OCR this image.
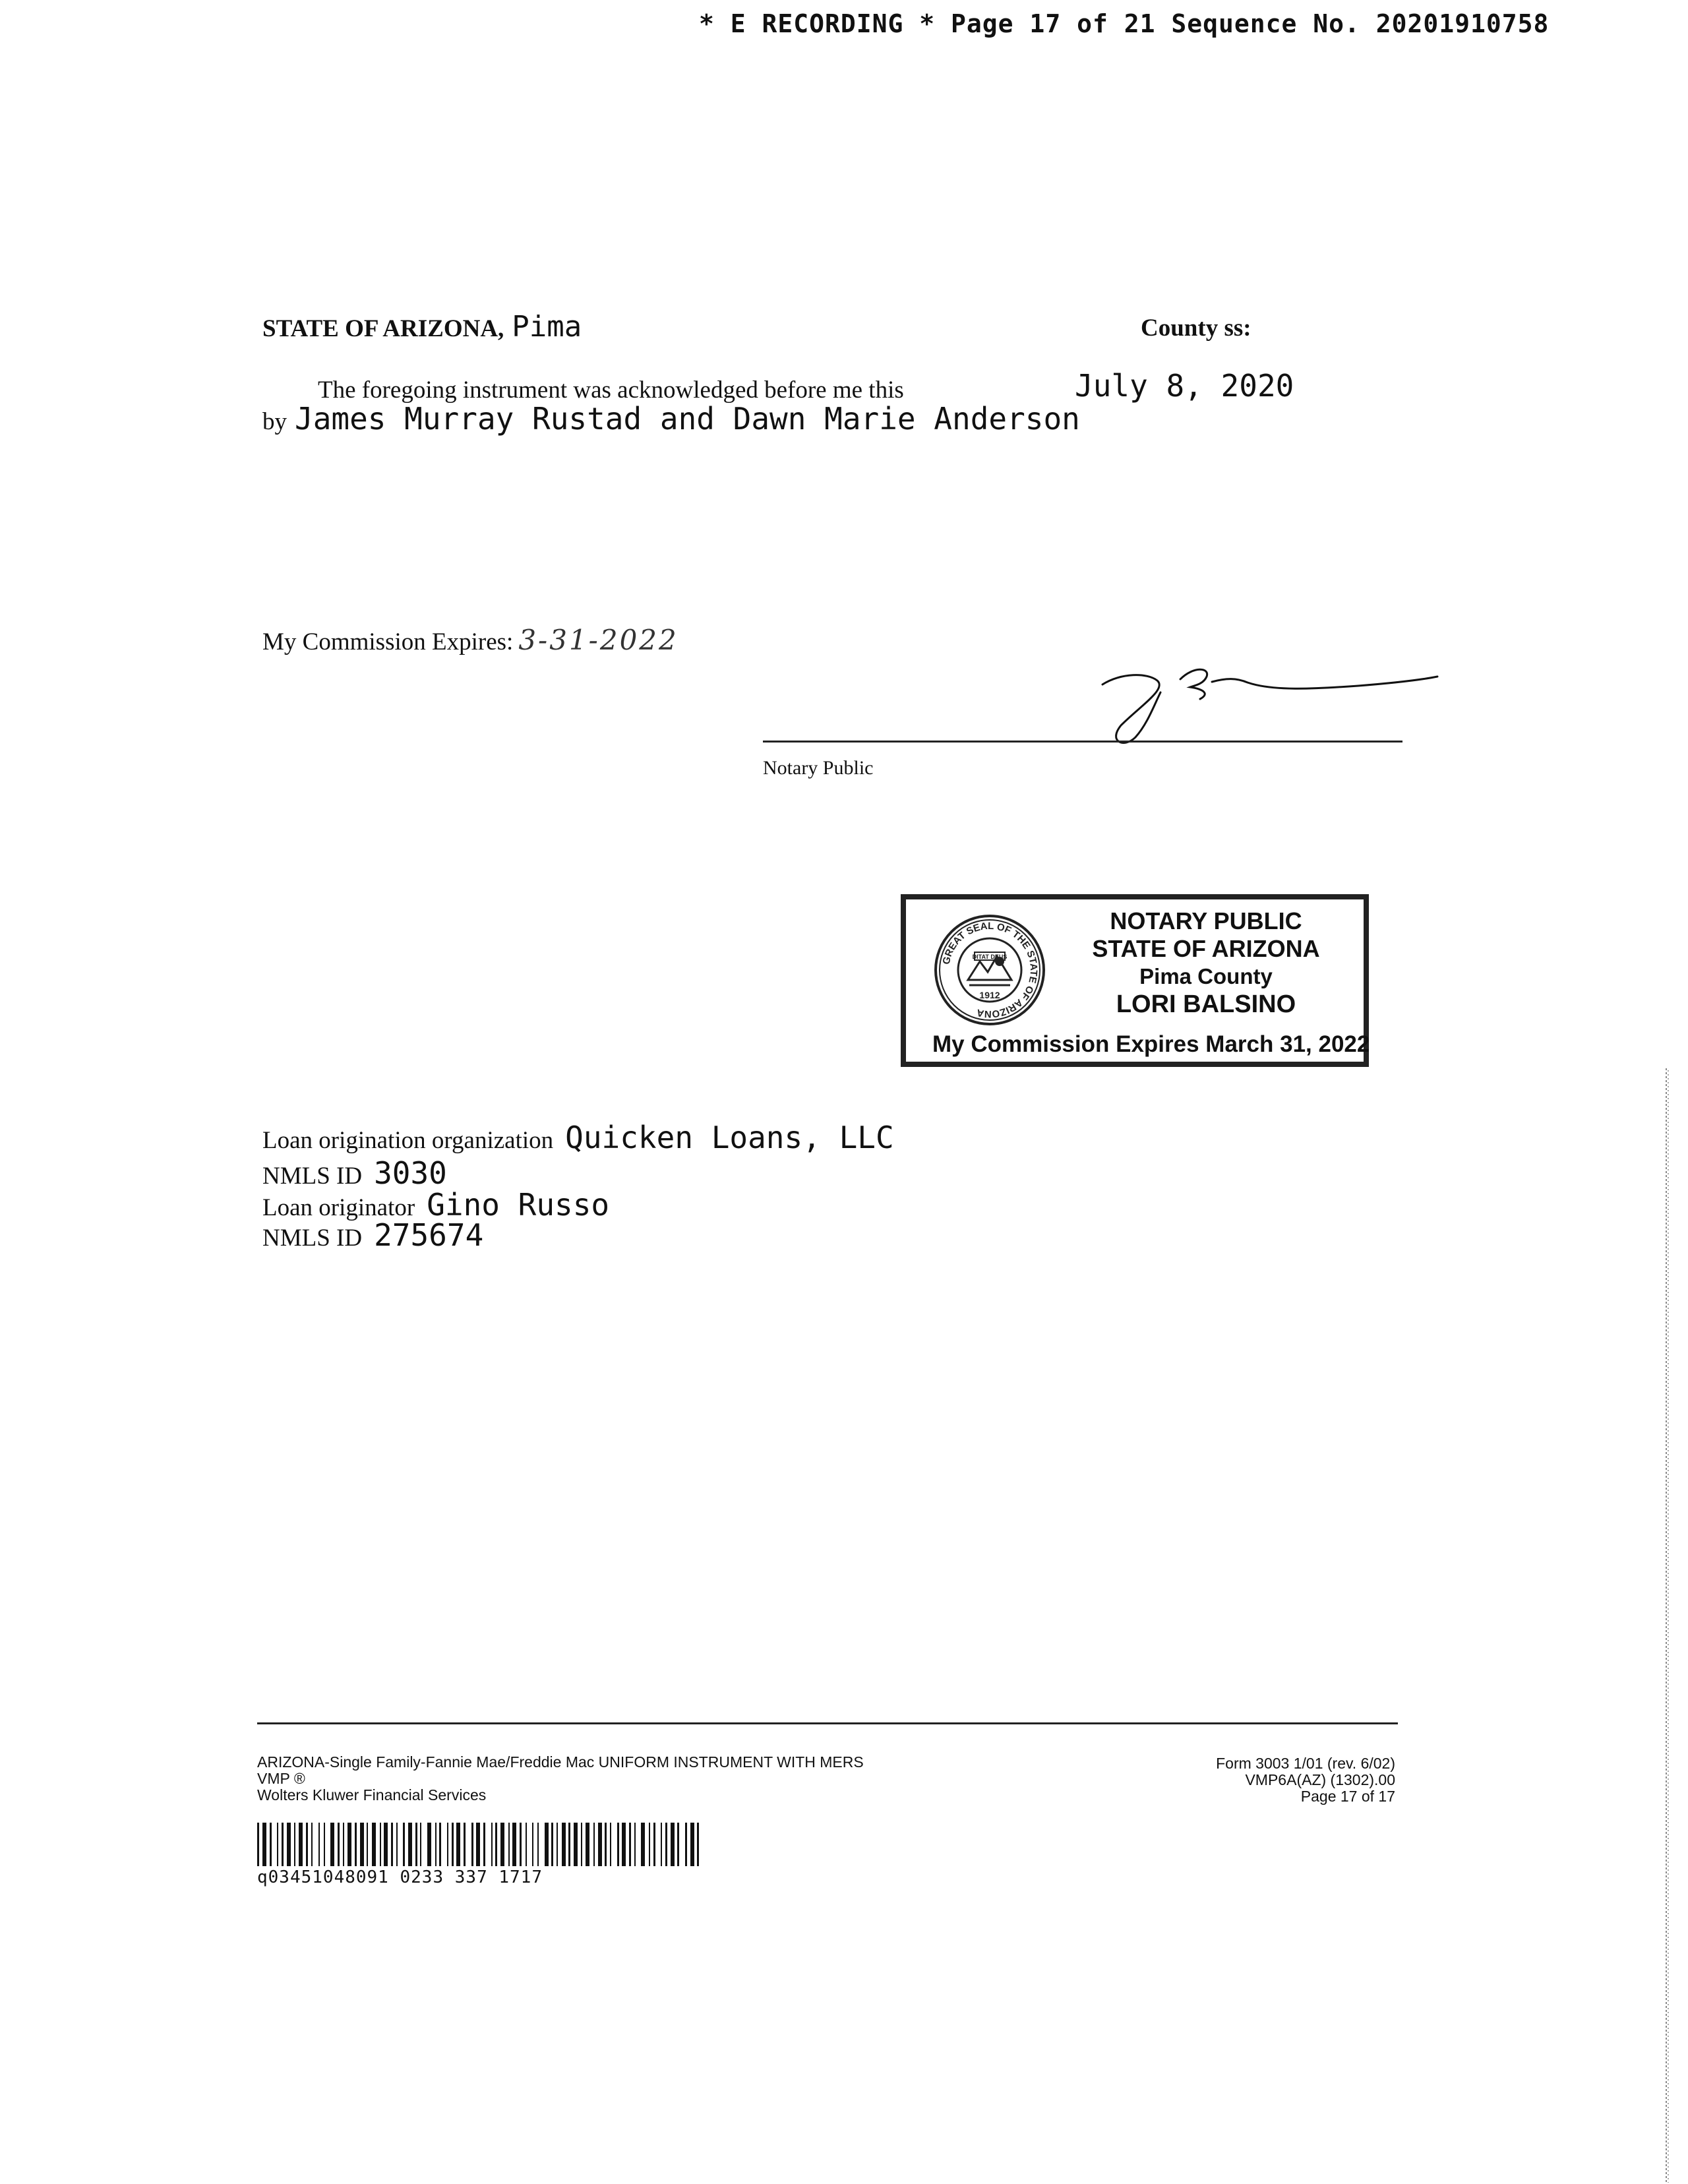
* E RECORDING * Page 17 of 21 Sequence No. 20201910758
STATE OF ARIZONA, Pima	County ss:
The foregoing instrument was acknowledged before me this	July 8, 2020
by James Murray Rustad and Dawn Marie Anderson
My Commission Expires: 3-31-2022
Notary Public
GREAT SEAL OF THE STATE OF ARIZONA
DITAT DEUS
1912
NOTARY PUBLIC
STATE OF ARIZONA
Pima County
LORI BALSINO
My Commission Expires March 31, 2022
Loan origination organization Quicken Loans, LLC
NMLS ID 3030
Loan originator Gino Russo
NMLS ID 275674
ARIZONA-Single Family-Fannie Mae/Freddie Mac UNIFORM INSTRUMENT WITH MERS
VMP ®
Wolters Kluwer Financial Services
Form 3003 1/01 (rev. 6/02)
VMP6A(AZ) (1302).00
Page 17 of 17
q03451048091 0233 337 1717
